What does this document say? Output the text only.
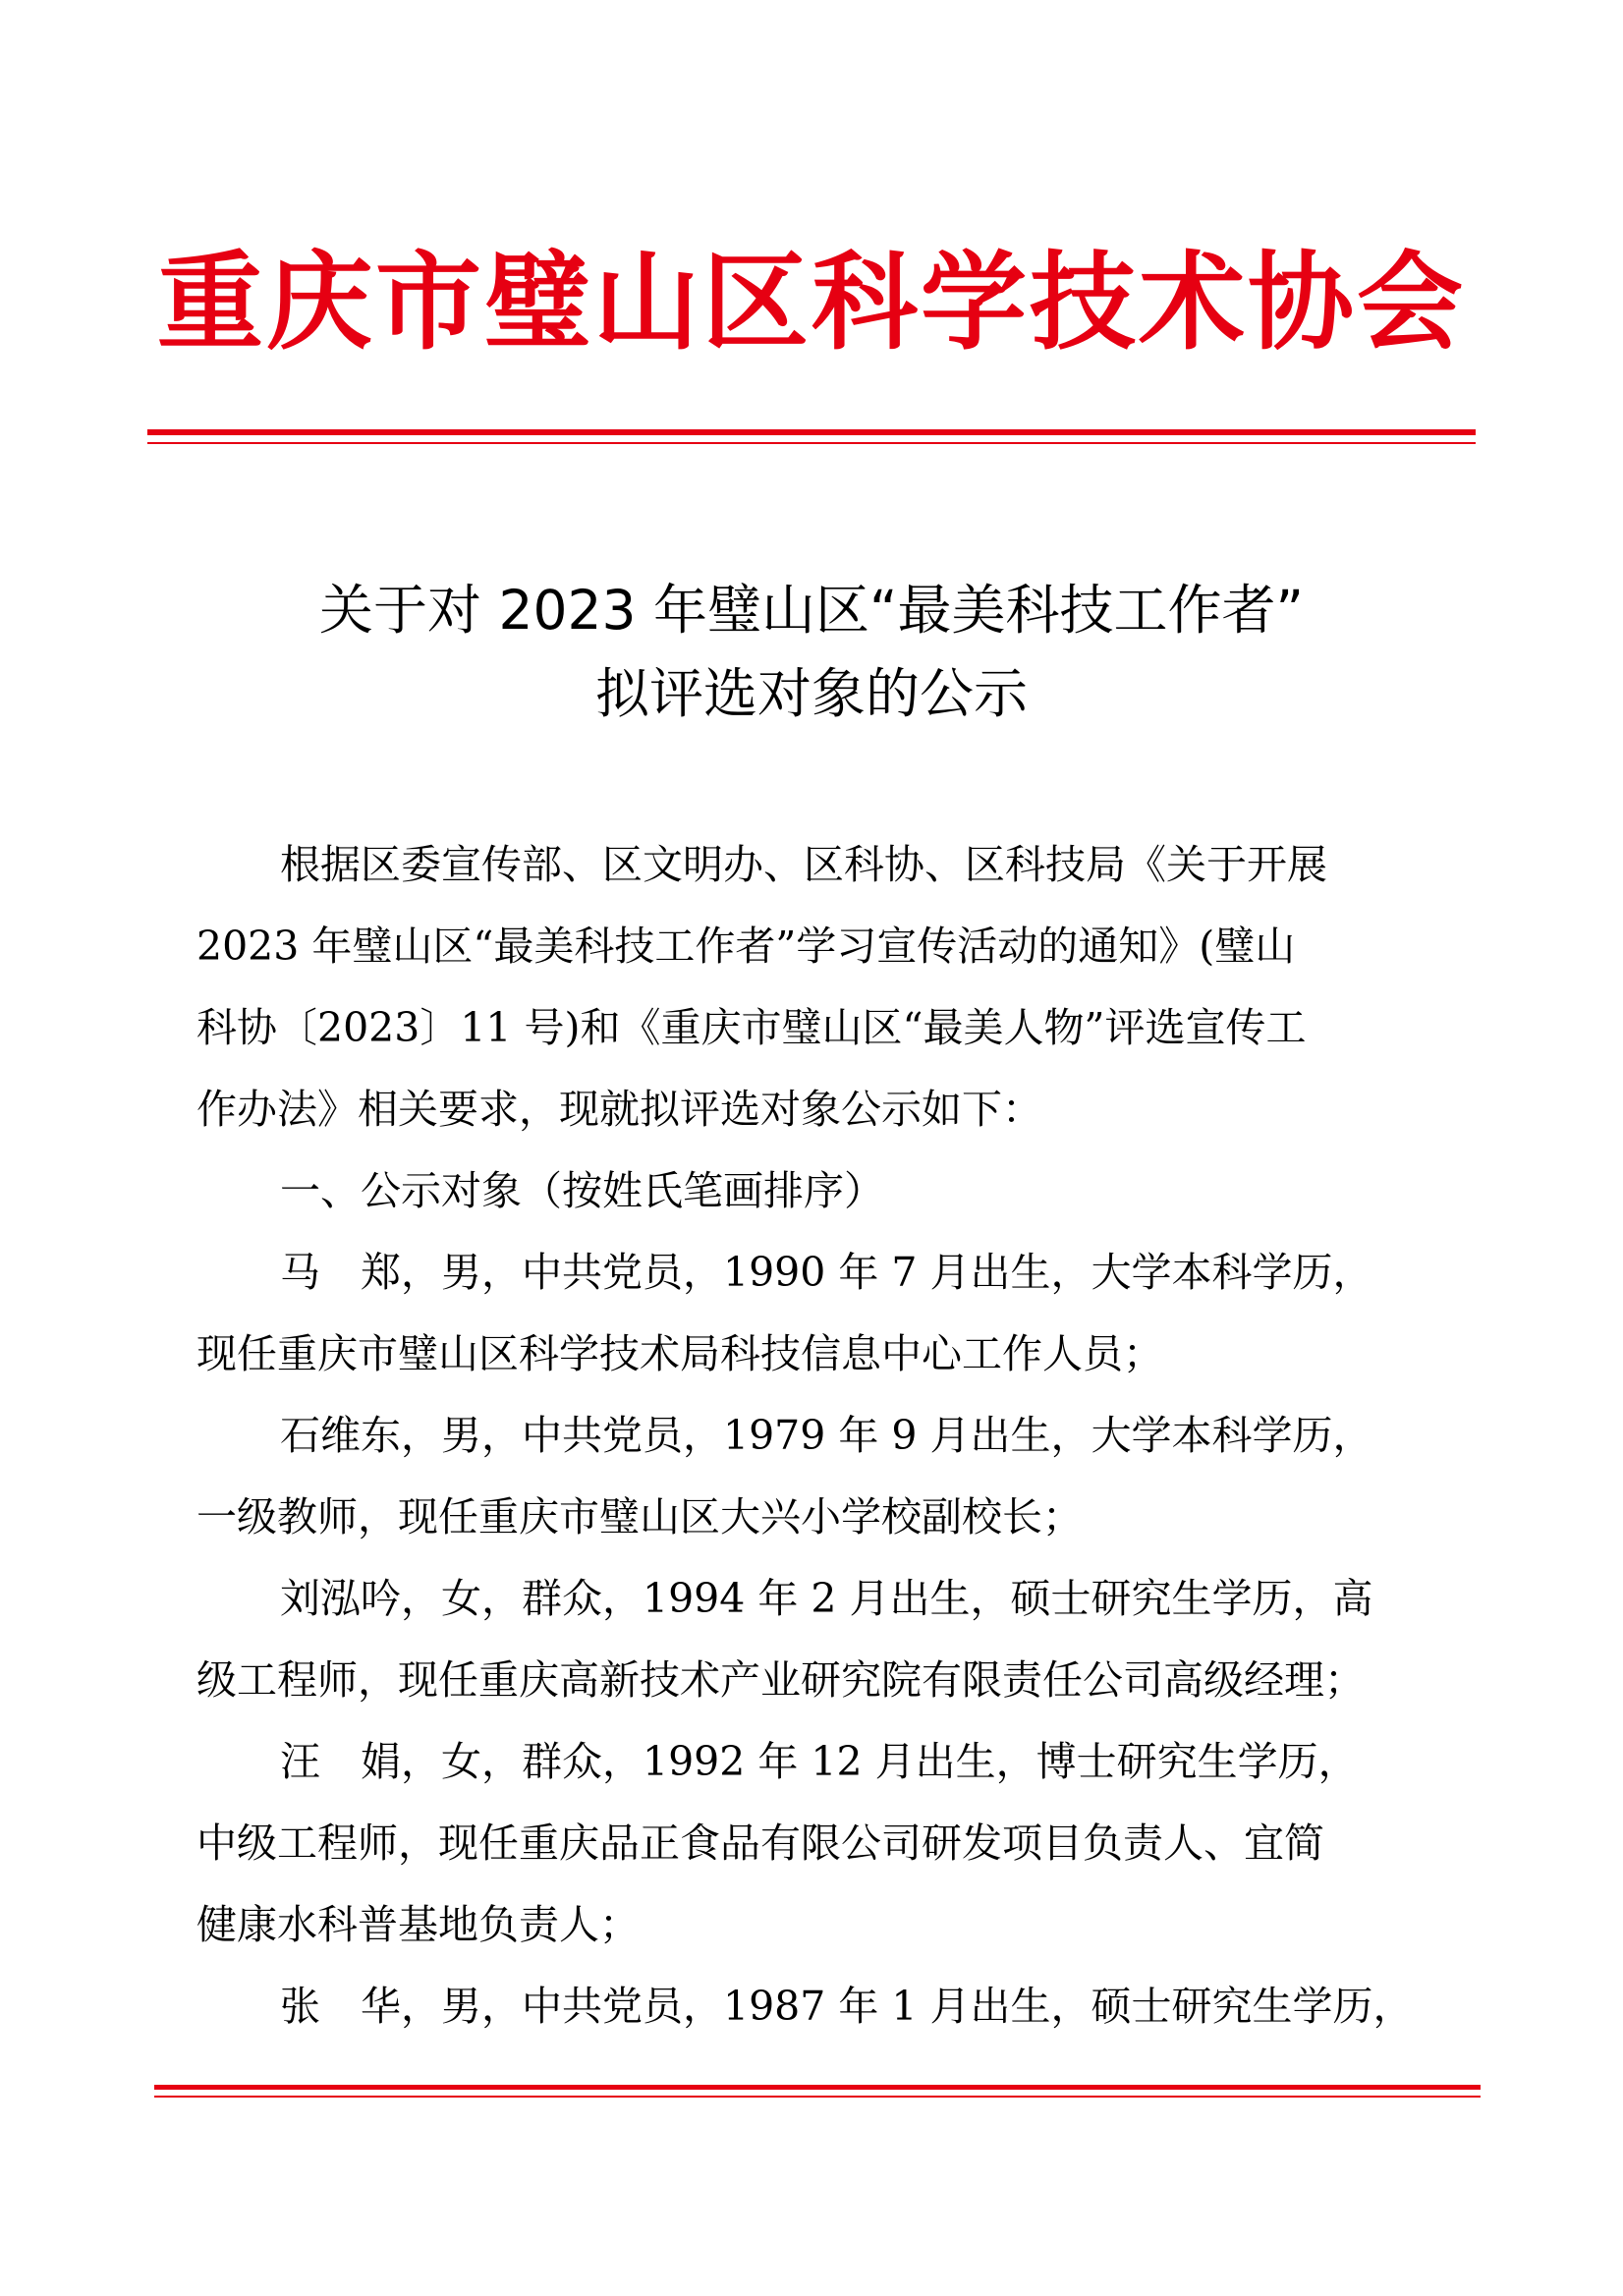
重庆市璧山区科学技术协会
关于对 2023 年璧山区“最美科技工作者”
拟评选对象的公示
根据区委宣传部、区文明办、区科协、区科技局《关于开展
2023 年璧山区“最美科技工作者”学习宣传活动的通知》(璧山
科协〔2023〕11 号)和《重庆市璧山区“最美人物”评选宣传工
作办法》相关要求，现就拟评选对象公示如下：
一、公示对象（按姓氏笔画排序）
马　郑，男，中共党员，1990 年 7 月出生，大学本科学历，
现任重庆市璧山区科学技术局科技信息中心工作人员；
石维东，男，中共党员，1979 年 9 月出生，大学本科学历，
一级教师，现任重庆市璧山区大兴小学校副校长；
刘泓吟，女，群众，1994 年 2 月出生，硕士研究生学历，高
级工程师，现任重庆高新技术产业研究院有限责任公司高级经理；
汪　娟，女，群众，1992 年 12 月出生，博士研究生学历，
中级工程师，现任重庆品正食品有限公司研发项目负责人、宜简
健康水科普基地负责人；
张　华，男，中共党员，1987 年 1 月出生，硕士研究生学历，
